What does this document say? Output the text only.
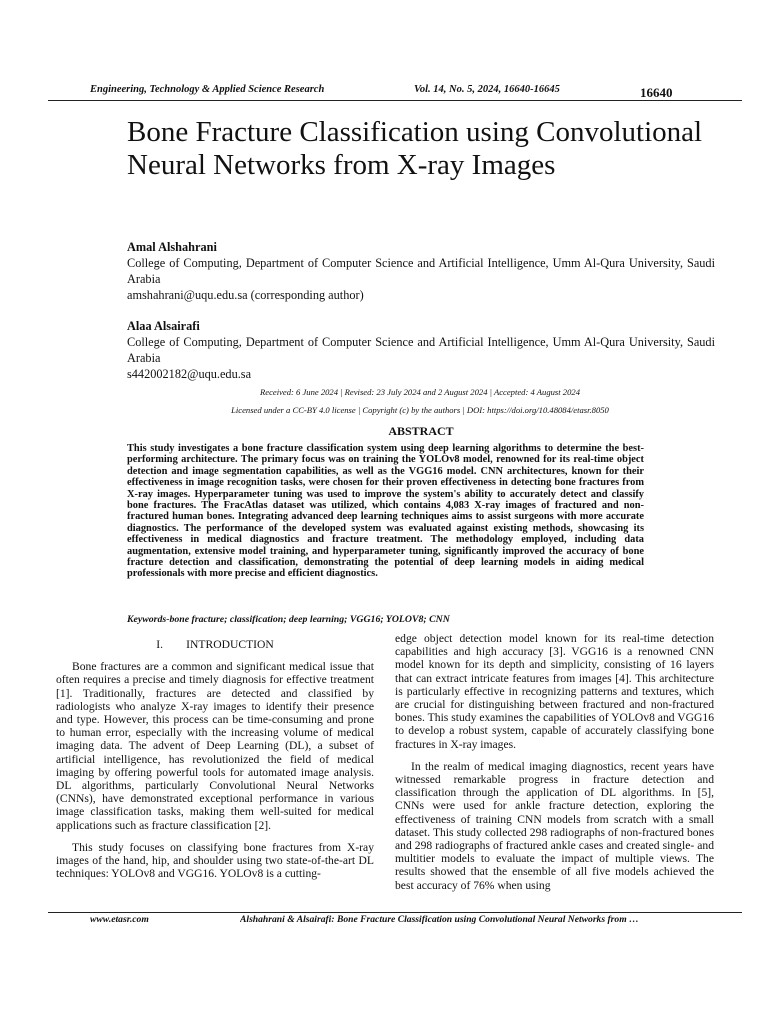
Engineering, Technology & Applied Science Research	Vol. 14, No. 5, 2024, 16640-16645	16640
Bone Fracture Classification using Convolutional Neural Networks from X-ray Images
Amal Alshahrani
College of Computing, Department of Computer Science and Artificial Intelligence, Umm Al-Qura University, Saudi Arabia
amshahrani@uqu.edu.sa (corresponding author)
Alaa Alsairafi
College of Computing, Department of Computer Science and Artificial Intelligence, Umm Al-Qura University, Saudi Arabia
s442002182@uqu.edu.sa
Received: 6 June 2024 | Revised: 23 July 2024 and 2 August 2024 | Accepted: 4 August 2024
Licensed under a CC-BY 4.0 license | Copyright (c) by the authors | DOI: https://doi.org/10.48084/etasr.8050
ABSTRACT
This study investigates a bone fracture classification system using deep learning algorithms to determine the best-performing architecture. The primary focus was on training the YOLOv8 model, renowned for its real-time object detection and image segmentation capabilities, as well as the VGG16 model. CNN architectures, known for their effectiveness in image recognition tasks, were chosen for their proven effectiveness in detecting bone fractures from X-ray images. Hyperparameter tuning was used to improve the system's ability to accurately detect and classify bone fractures. The FracAtlas dataset was utilized, which contains 4,083 X-ray images of fractured and non-fractured human bones. Integrating advanced deep learning techniques aims to assist surgeons with more accurate diagnostics. The performance of the developed system was evaluated against existing methods, showcasing its effectiveness in medical diagnostics and fracture treatment. The methodology employed, including data augmentation, extensive model training, and hyperparameter tuning, significantly improved the accuracy of bone fracture detection and classification, demonstrating the potential of deep learning models in aiding medical professionals with more precise and efficient diagnostics.
Keywords-bone fracture; classification; deep learning; VGG16; YOLOV8; CNN

I.  INTRODUCTION

Bone fractures are a common and significant medical issue that often requires a precise and timely diagnosis for effective treatment [1]. Traditionally, fractures are detected and classified by radiologists who analyze X-ray images to identify their presence and type. However, this process can be time-consuming and prone to human error, especially with the increasing volume of medical imaging data. The advent of Deep Learning (DL), a subset of artificial intelligence, has revolutionized the field of medical imaging by offering powerful tools for automated image analysis. DL algorithms, particularly Convolutional Neural Networks (CNNs), have demonstrated exceptional performance in various image classification tasks, making them well-suited for medical applications such as fracture classification [2].

This study focuses on classifying bone fractures from X-ray images of the hand, hip, and shoulder using two state-of-the-art DL techniques: YOLOv8 and VGG16. YOLOv8 is a cutting-

edge object detection model known for its real-time detection capabilities and high accuracy [3]. VGG16 is a renowned CNN model known for its depth and simplicity, consisting of 16 layers that can extract intricate features from images [4]. This architecture is particularly effective in recognizing patterns and textures, which are crucial for distinguishing between fractured and non-fractured bones. This study examines the capabilities of YOLOv8 and VGG16 to develop a robust system, capable of accurately classifying bone fractures in X-ray images.

In the realm of medical imaging diagnostics, recent years have witnessed remarkable progress in fracture detection and classification through the application of DL algorithms. In [5], CNNs were used for ankle fracture detection, exploring the effectiveness of training CNN models from scratch with a small dataset. This study collected 298 radiographs of non-fractured bones and 298 radiographs of fractured ankle cases and created single- and multitier models to evaluate the impact of multiple views. The results showed that the ensemble of all five models achieved the best accuracy of 76% when using

www.etasr.com	Alshahrani & Alsairafi: Bone Fracture Classification using Convolutional Neural Networks from …
